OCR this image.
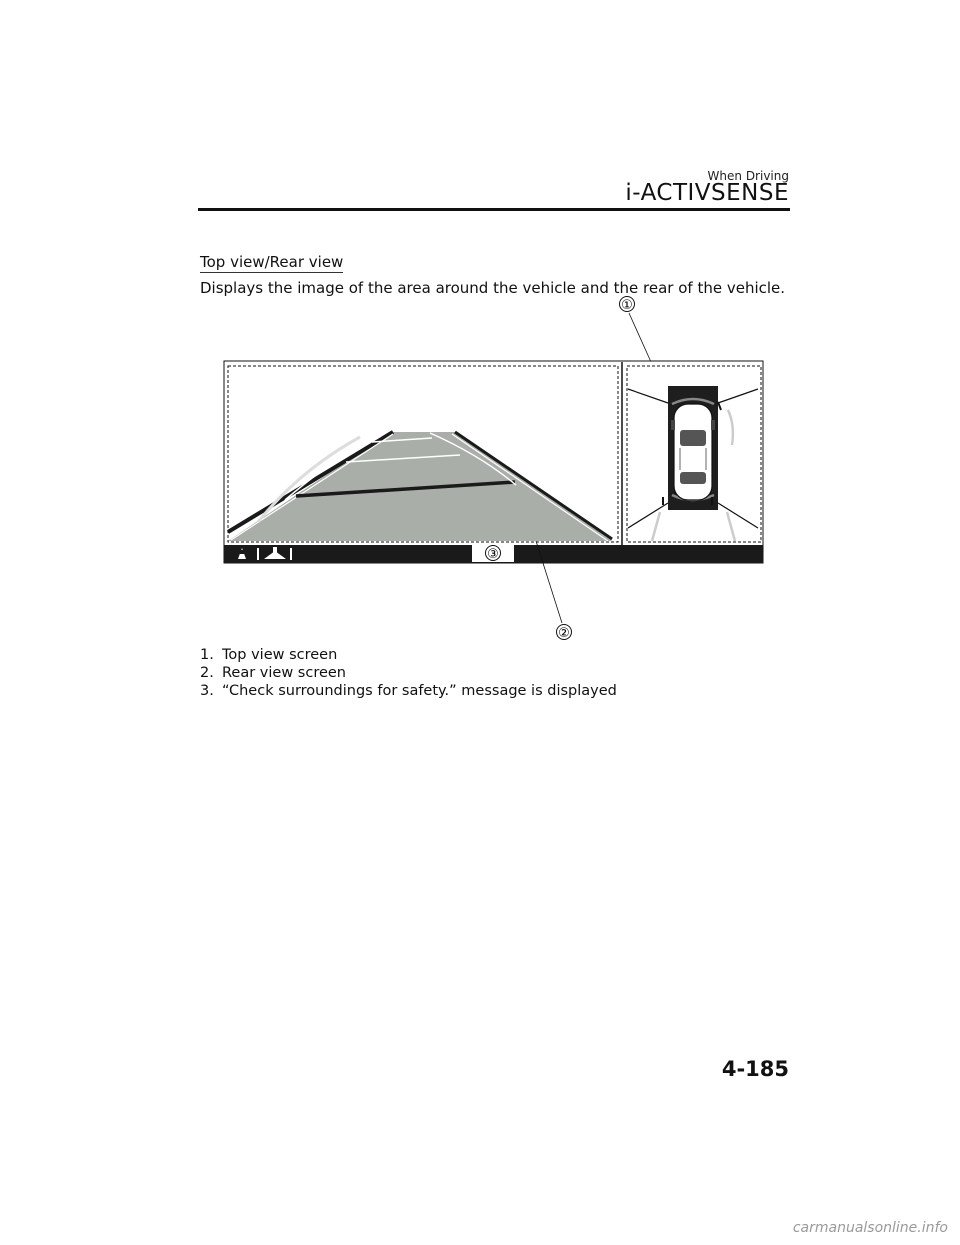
When Driving
i-ACTIVSENSE
Top view/Rear view
Displays the image of the area around the vehicle and the rear of the vehicle.
①
③
②
1. Top view screen
2. Rear view screen
3. “Check surroundings for safety.” message is displayed
4-185
carmanualsonline.info
